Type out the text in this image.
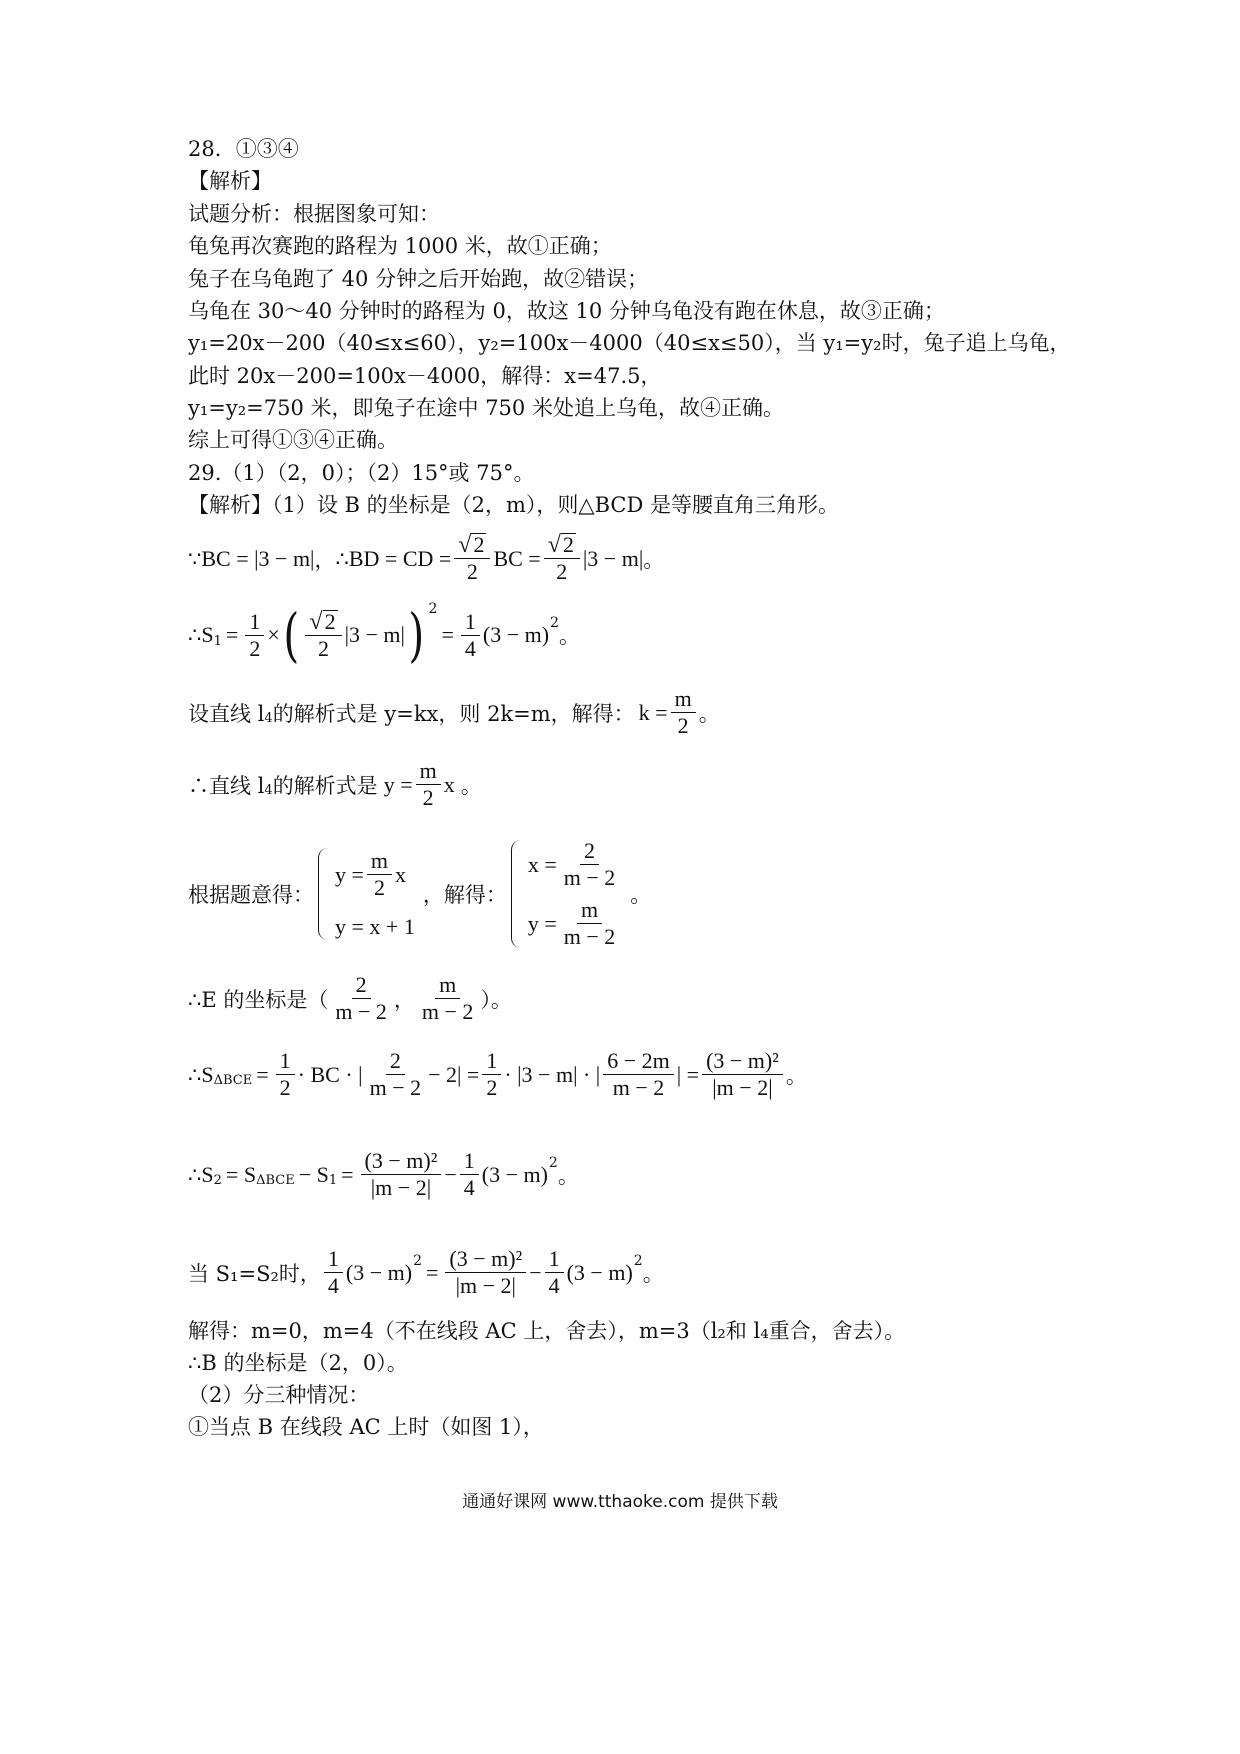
28．①③④
【解析】
试题分析：根据图象可知：
龟兔再次赛跑的路程为 1000 米，故①正确；
兔子在乌龟跑了 40 分钟之后开始跑，故②错误；
乌龟在 30～40 分钟时的路程为 0，故这 10 分钟乌龟没有跑在休息，故③正确；
y₁=20x－200（40≤x≤60），y₂=100x－4000（40≤x≤50），当 y₁=y₂时，兔子追上乌龟，
此时 20x－200=100x－4000，解得：x=47.5，
y₁=y₂=750 米，即兔子在途中 750 米处追上乌龟，故④正确。
综上可得①③④正确。
29.（1）（2，0）；（2）15°或 75°。
【解析】（1）设 B 的坐标是（2，m），则△BCD 是等腰直角三角形。
∵ BC = |3 − m| ， ∴ BD = CD = $\frac{√ 2}{2}$ BC = $\frac{√ 2}{2} |3 - m|$ 。
∴ S $1 = \frac{1}{2}$ × ( $\frac{√ 2}{2} |3 - m|$ ) 2
= $\frac{1}{4} (3 - m)$ 2
。
设直线 l 4 的解析式是 y=kx，则 2k=m，解得： $k = \frac{m}{2}$ 。
∴直线 l 4 的解析式是 $y = \frac{m}{2}$ x 。
根据题意得：
$y = \frac{m}{2}$ x
y = x + 1
，解得：
$x = \frac{2}{m - 2}$
$y = \frac{m}{m - 2}$
。
∴E 的坐标是（ $\frac{2}{m - 2}$ ， $\frac{m}{m - 2}$ ）。
∴ S $\Delta BCE = \frac{1}{2}$ · BC · | $\frac{2}{m - 2} - 2| = \frac{1}{2} \cdot |3 - m|$ · | $\frac{6 - 2m}{m - 2}$ | = $\frac{\text{(3 − m)²}}{|m - 2|}$ 。
∴ S 2 = S ΔBCE − S $1 = \frac{\text{(3 − m)²}}{|m - 2|} - \frac{1}{4} (3 - m)$ 2
。
当 S₁=S₂时， $\frac{1}{4} (3 - m) 2 = \frac{\text{(3 − m)²}}{|m - 2|} - \frac{1}{4} (3 - m)$ 2
。
解得：m=0，m=4（不在线段 AC 上，舍去），m=3（l₂和 l₄重合，舍去）。
∴B 的坐标是（2，0）。
（2）分三种情况：
①当点 B 在线段 AC 上时（如图 1），
通通好课网 www.tthaoke.com 提供下载
